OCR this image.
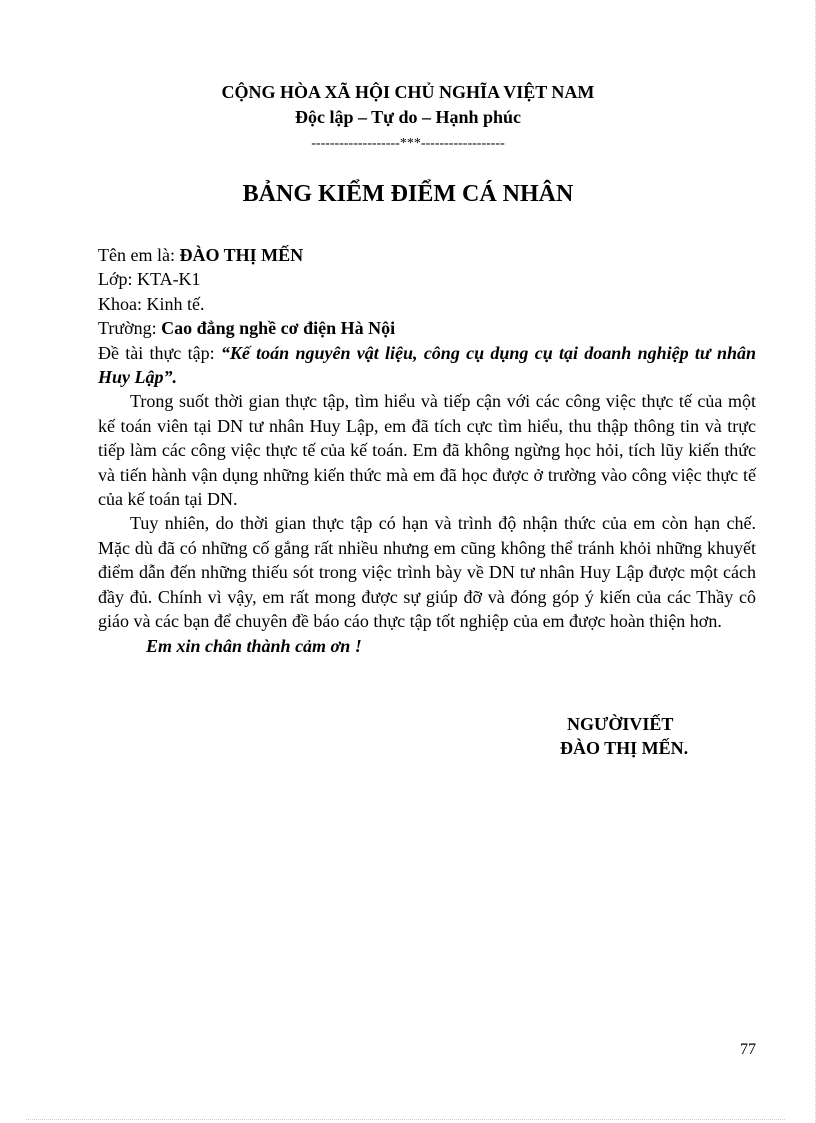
CỘNG HÒA XÃ HỘI CHỦ NGHĨA VIỆT NAM
Độc lập – Tự do – Hạnh phúc
-------------------***------------------
BẢNG KIỂM ĐIỂM CÁ NHÂN
Tên em là: ĐÀO THỊ MẾN
Lớp: KTA-K1
Khoa: Kinh tế.
Trường: Cao đẳng nghề cơ điện Hà Nội
Đề tài thực tập: “Kế toán nguyên vật liệu, công cụ dụng cụ tại doanh nghiệp tư nhân Huy Lập”.
Trong suốt thời gian thực tập, tìm hiểu và tiếp cận với các công việc thực tế của một kế toán viên tại DN tư nhân Huy Lập, em đã tích cực tìm hiểu, thu thập thông tin và trực tiếp làm các công việc thực tế của kế toán. Em đã không ngừng học hỏi, tích lũy kiến thức và tiến hành vận dụng những kiến thức mà em đã học được ở trường vào công việc thực tế của kế toán tại DN.
Tuy nhiên, do thời gian thực tập có hạn và trình độ nhận thức của em còn hạn chế. Mặc dù đã có những cố gắng rất nhiều nhưng em cũng không thể tránh khỏi những khuyết điểm dẫn đến những thiếu sót trong việc trình bày về DN tư nhân Huy Lập được một cách đầy đủ. Chính vì vậy, em rất mong được sự giúp đỡ và đóng góp ý kiến của các Thầy cô giáo và các bạn để chuyên đề báo cáo thực tập tốt nghiệp của em được hoàn thiện hơn.
Em xin chân thành cảm ơn !
NGƯỜIVIẾT
ĐÀO THỊ MẾN.
77
